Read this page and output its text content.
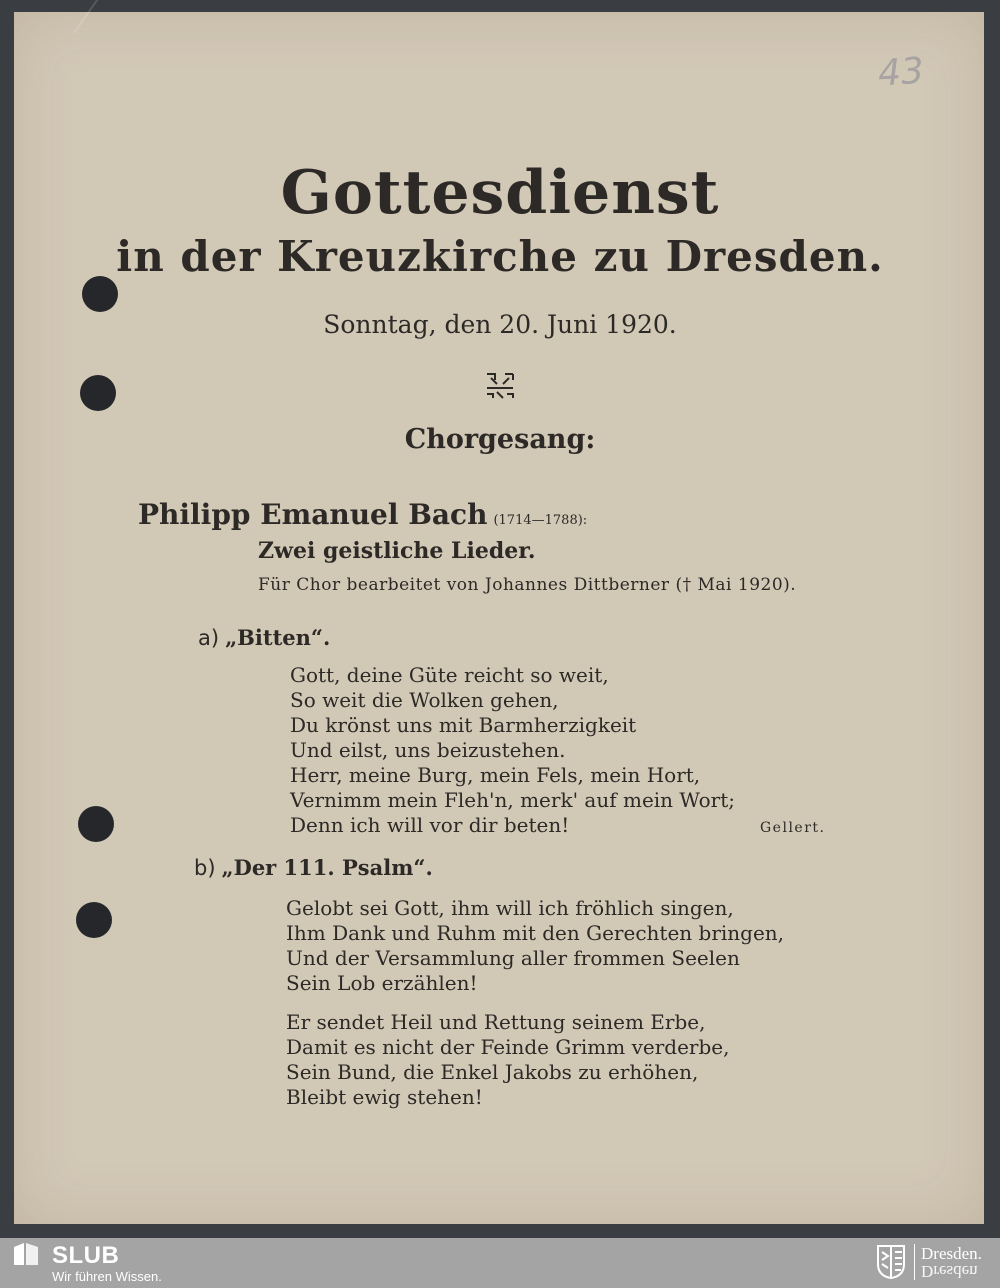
43
Gottesdienst
in der Kreuzkirche zu Dresden.
Sonntag, den 20. Juni 1920.
Chorgesang:
Philipp Emanuel Bach (1714—1788):
Zwei geistliche Lieder.
Für Chor bearbeitet von Johannes Dittberner († Mai 1920).
a) „Bitten“.
Gott, deine Güte reicht so weit,
So weit die Wolken gehen,
Du krönst uns mit Barmherzigkeit
Und eilst, uns beizustehen.
Herr, meine Burg, mein Fels, mein Hort,
Vernimm mein Fleh'n, merk' auf mein Wort;
Denn ich will vor dir beten!	Gellert.
b) „Der 111. Psalm“.
Gelobt sei Gott, ihm will ich fröhlich singen,
Ihm Dank und Ruhm mit den Gerechten bringen,
Und der Versammlung aller frommen Seelen
Sein Lob erzählen!
Er sendet Heil und Rettung seinem Erbe,
Damit es nicht der Feinde Grimm verderbe,
Sein Bund, die Enkel Jakobs zu erhöhen,
Bleibt ewig stehen!
SLUB
Wir führen Wissen.
Dresden.
Dresden
